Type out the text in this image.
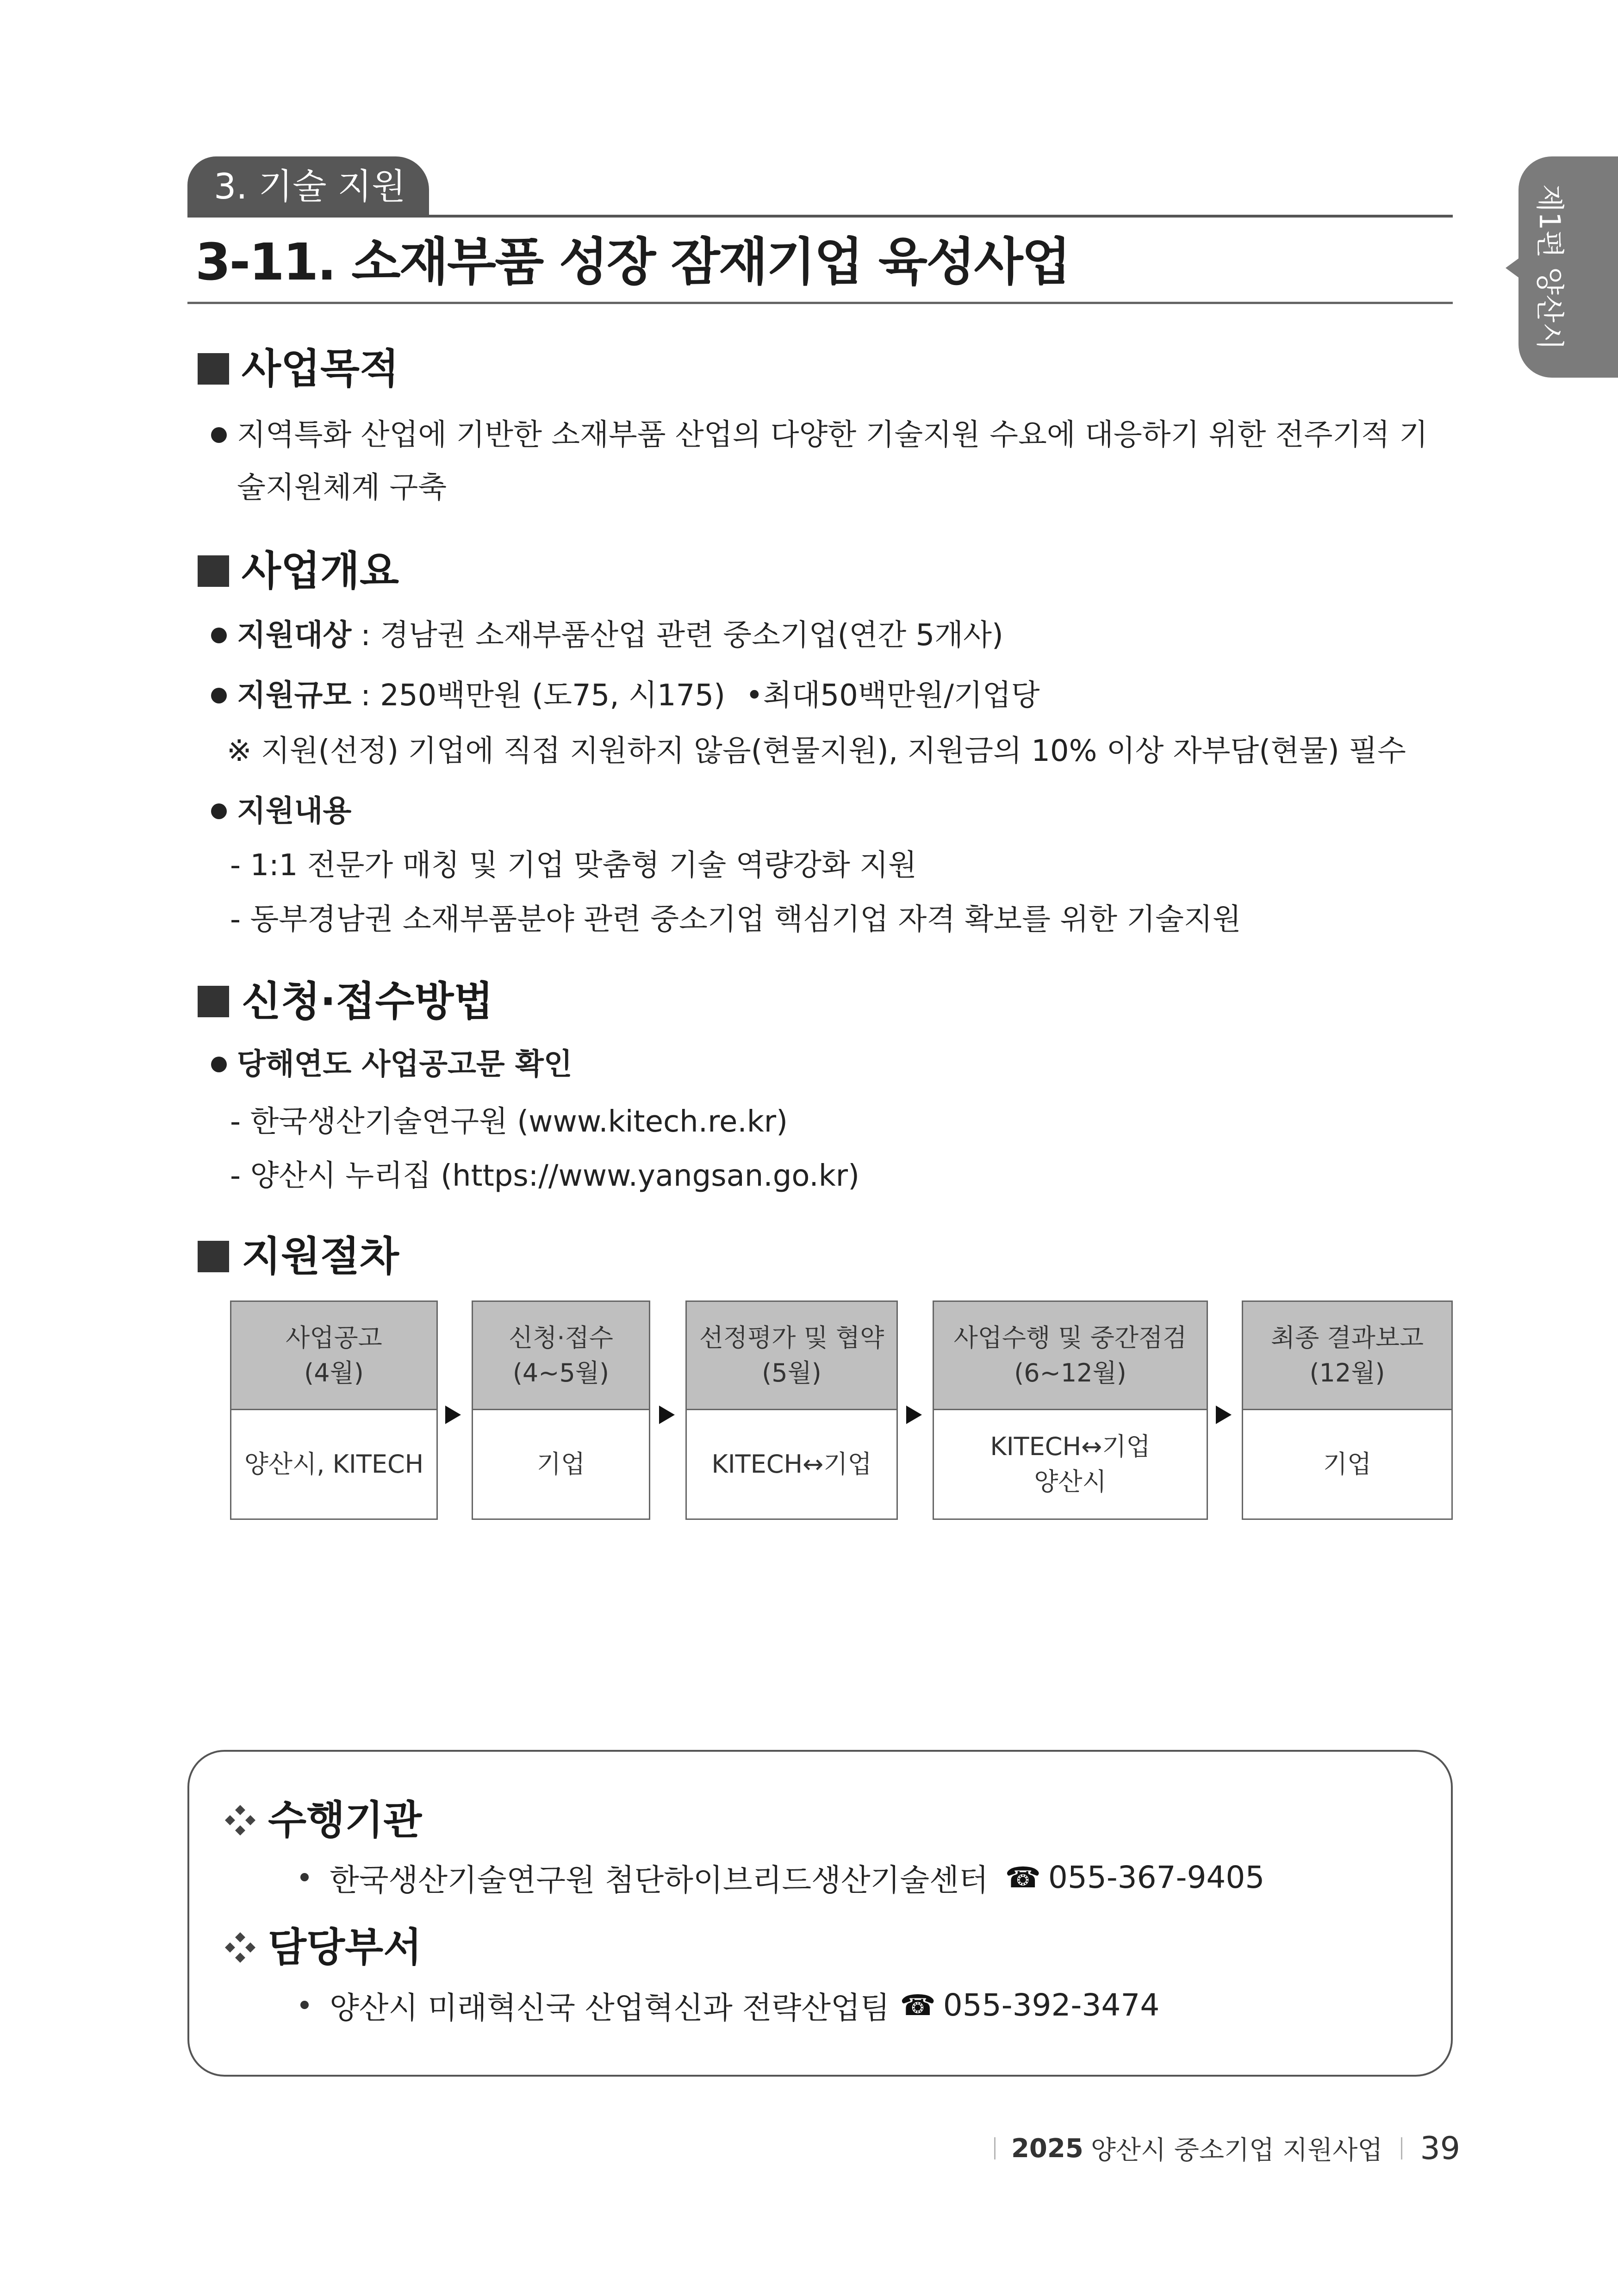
3. 기술 지원
3-11. 소재부품 성장 잠재기업 육성사업	제1편 양산시
사업목적
지역특화 산업에 기반한 소재부품 산업의 다양한 기술지원 수요에 대응하기 위한 전주기적 기술지원체계 구축
사업개요
지원대상 : 경남권 소재부품산업 관련 중소기업(연간 5개사)
지원규모 : 250백만원 (도75, 시175) •최대50백만원/기업당
※ 지원(선정) 기업에 직접 지원하지 않음(현물지원), 지원금의 10% 이상 자부담(현물) 필수
지원내용
- 1:1 전문가 매칭 및 기업 맞춤형 기술 역량강화 지원
- 동부경남권 소재부품분야 관련 중소기업 핵심기업 자격 확보를 위한 기술지원
신청·접수방법
당해연도 사업공고문 확인
- 한국생산기술연구원 (www.kitech.re.kr)
- 양산시 누리집 (https://www.yangsan.go.kr)
지원절차
사업공고
(4월)
양산시, KITECH
신청·접수
(4~5월)
기업
선정평가 및 협약
(5월)
KITECH↔기업
사업수행 및 중간점검
(6~12월)
KITECH↔기업
양산시
최종 결과보고
(12월)
기업
수행기관
한국생산기술연구원 첨단하이브리드생산기술센터 ☎ 055-367-9405
담당부서
양산시 미래혁신국 산업혁신과 전략산업팀 ☎ 055-392-3474
2025 양산시 중소기업 지원사업 39
